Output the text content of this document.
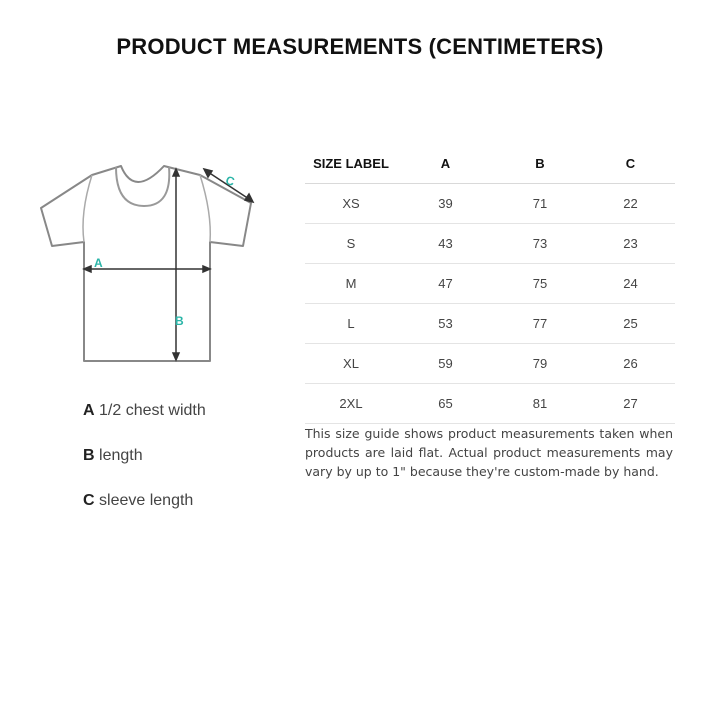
PRODUCT MEASUREMENTS (CENTIMETERS)
A
B
C
A 1/2 chest width
B length
C sleeve length
SIZE LABEL	A	B	C
XS	39	71	22
S	43	73	23
M	47	75	24
L	53	77	25
XL	59	79	26
2XL	65	81	27
This size guide shows product measurements taken when products are laid flat. Actual product measurements may vary by up to 1" because they're custom-made by hand.
